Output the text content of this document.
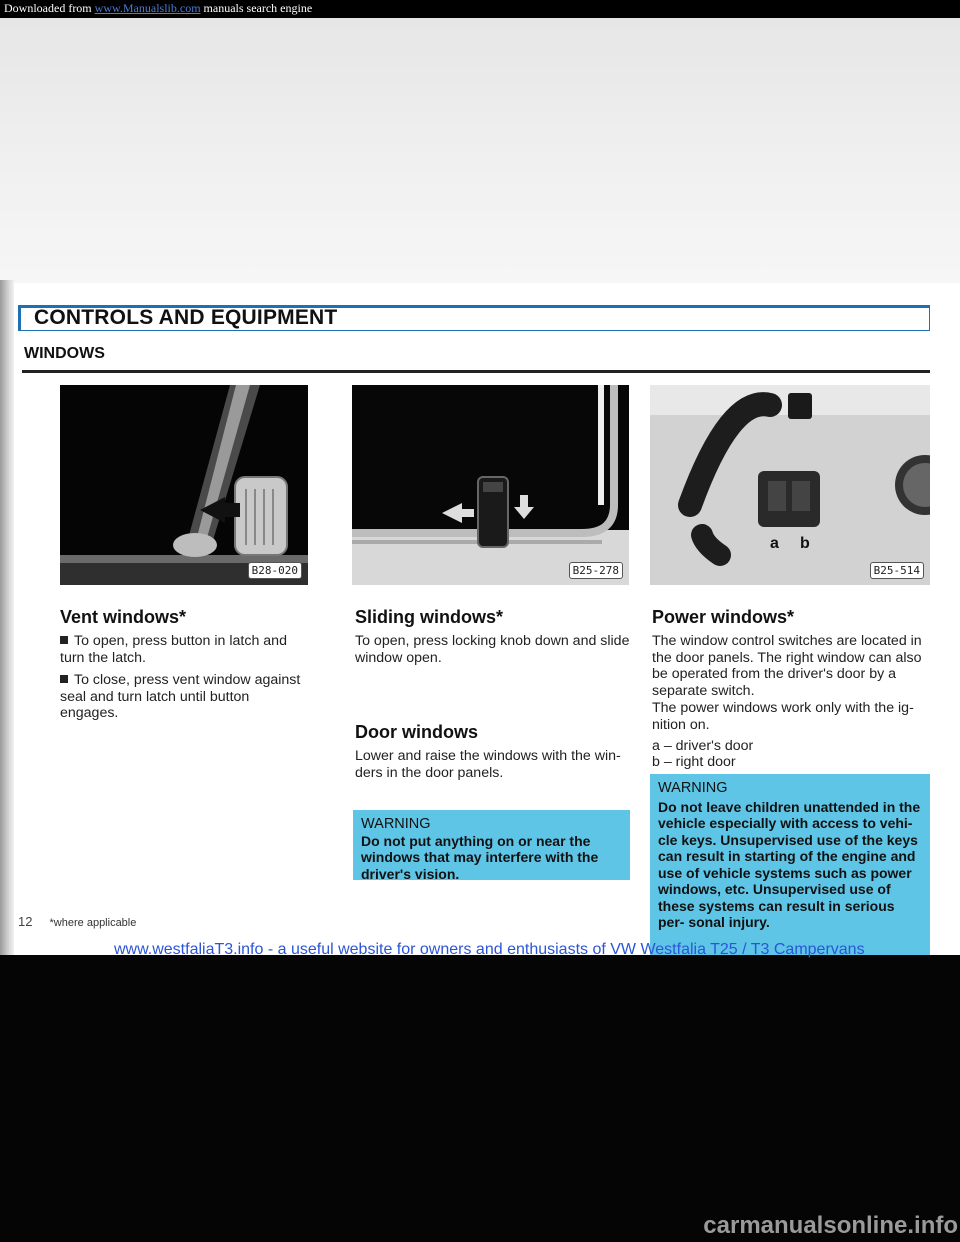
CONTROLS AND EQUIPMENT
WINDOWS
B28-020	B25-278
a b
B25-514
Vent windows*
To open, press button in latch and turn the latch.
To close, press vent window against seal and turn latch until button engages.
Sliding windows*
To open, press locking knob down and slide window open.
Door windows
Lower and raise the windows with the win- ders in the door panels.
WARNING
Do not put anything on or near the windows that may interfere with the driver's vision.
Power windows*
The window control switches are located in the door panels. The right window can also be operated from the driver's door by a separate switch.
The power windows work only with the ig- nition on.
a – driver's door
b – right door
WARNING
Do not leave children unattended in the vehicle especially with access to vehi- cle keys. Unsupervised use of the keys can result in starting of the engine and use of vehicle systems such as power windows, etc. Unsupervised use of these systems can result in serious per- sonal injury.
12 *where applicable
www.westfaliaT3.info - a useful website for owners and enthusiasts of VW Westfalia T25 / T3 Campervans
carmanualsonline.info
Downloaded from www.Manualslib.com manuals search engine
